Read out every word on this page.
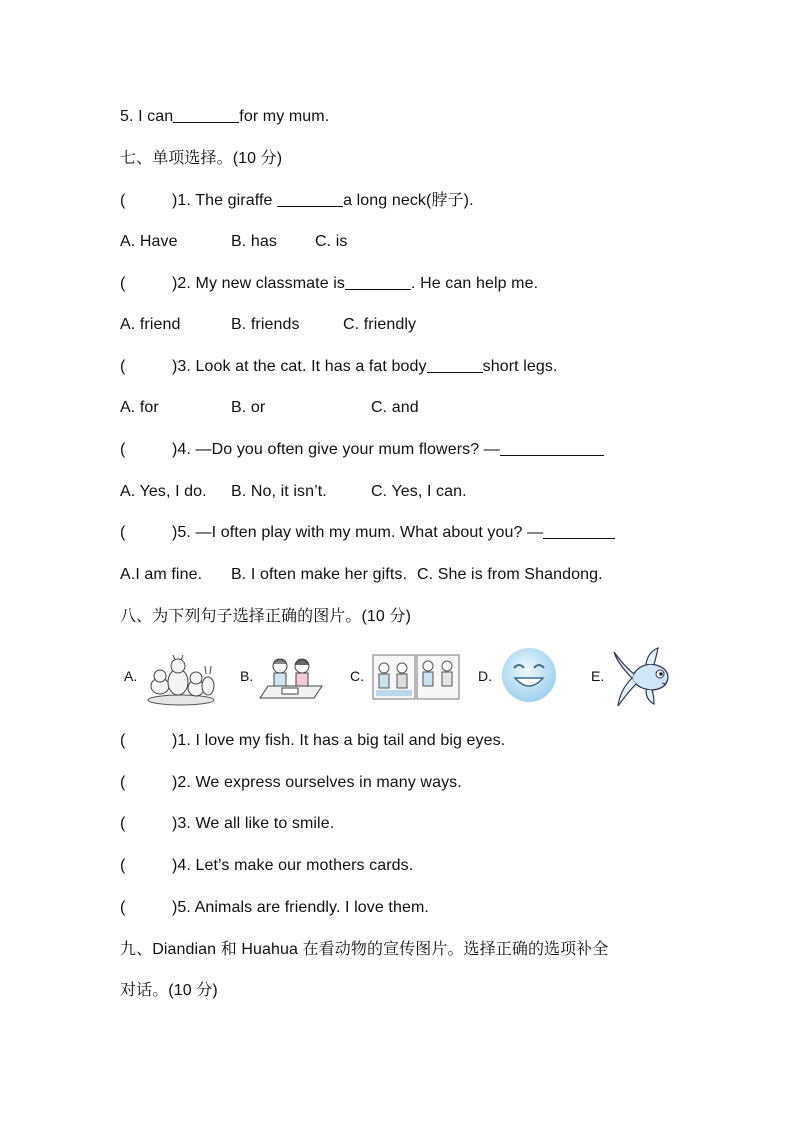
5. I can	for my mum.
七、单项选择。(10 分)
(	)1. The giraffe	a long neck(脖子).
A. Have	B. has C. is
(	)2. My new classmate is	. He can help me.
A. friend	B. friends	C. friendly
(	)3. Look at the cat. It has a fat body	short legs.
A. for	B. or	C. and
(	)4. —Do you often give your mum flowers? —
A. Yes, I do. B. No, it isn’t.	C. Yes, I can.
(	)5. —I often play with my mum. What about you? —
A.I am fine. B. I often make her gifts. C. She is from Shandong.
八、为下列句子选择正确的图片。(10 分)
A.	B.	C.	D.	E.
(	)1. I love my fish. It has a big tail and big eyes.
(	)2. We express ourselves in many ways.
(	)3. We all like to smile.
(	)4. Let’s make our mothers cards.
(	)5. Animals are friendly. I love them.
九、Diandian 和 Huahua 在看动物的宣传图片。选择正确的选项补全
对话。(10 分)
